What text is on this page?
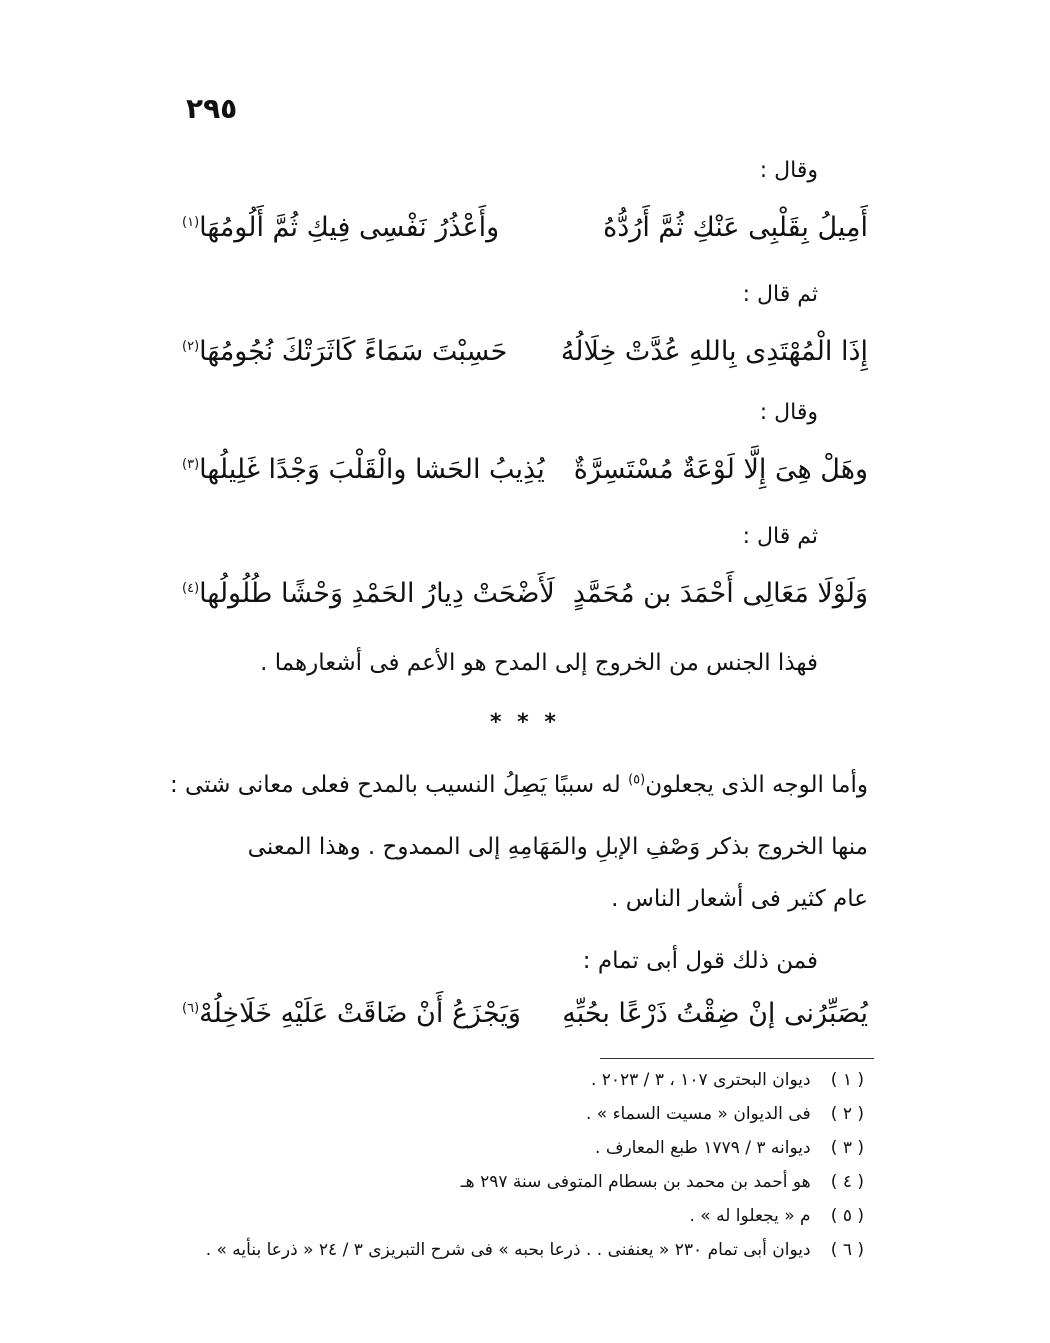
٢٩٥
وقال :
أَمِيلُ بِقَلْبِى عَنْكِ ثُمَّ أَرُدُّهُ
وأَعْذُرُ نَفْسِى فِيكِ ثُمَّ أَلُومُهَا$^{(١)}$
ثم قال :
إِذَا الْمُهْتَدِى بِاللهِ عُدَّتْ خِلَالُهُ
حَسِبْتَ سَمَاءً كَاثَرَتْكَ نُجُومُهَا$^{(٢)}$
وقال :
وهَلْ هِىَ إِلَّا لَوْعَةٌ مُسْتَسِرَّةٌ
يُذِيبُ الحَشا والْقَلْبَ وَجْدًا غَلِيلُها$^{(٣)}$
ثم قال :
وَلَوْلَا مَعَالِى أَحْمَدَ بن مُحَمَّدٍ
لَأَضْحَتْ دِيارُ الحَمْدِ وَحْشًا طُلُولُها$^{(٤)}$
فهذا الجنس من الخروج إلى المدح هو الأعم فى أشعارهما .
* * *
وأما الوجه الذى يجعلون$^{(٥)}$ له سببًا يَصِلُ النسيب بالمدح فعلى معانى شتى :
منها الخروج بذكر وَصْفِ الإبلِ والمَهَامِهِ إلى الممدوح . وهذا المعنى
عام كثير فى أشعار الناس .
فمن ذلك قول أبى تمام :
يُصَبِّرُنى إنْ ضِقْتُ ذَرْعًا بحُبِّهِ
وَيَجْزَعُ أَنْ ضَاقَتْ عَلَيْهِ خَلَاخِلُهْ$^{(٦)}$
( ١ ) ديوان البحترى ١٠٧ ، ٣ / ٢٠٢٣ .
( ٢ ) فى الديوان « مسيت السماء » .
( ٣ ) ديوانه ٣ / ١٧٧٩ طبع المعارف .
( ٤ ) هو أحمد بن محمد بن بسطام المتوفى سنة ٢٩٧ هـ
( ٥ ) م « يجعلوا له » .
( ٦ ) ديوان أبى تمام ٢٣٠ « يعنفنى . . ذرعا بحبه » فى شرح التبريزى ٣ / ٢٤ « ذرعا بنأيه » .
